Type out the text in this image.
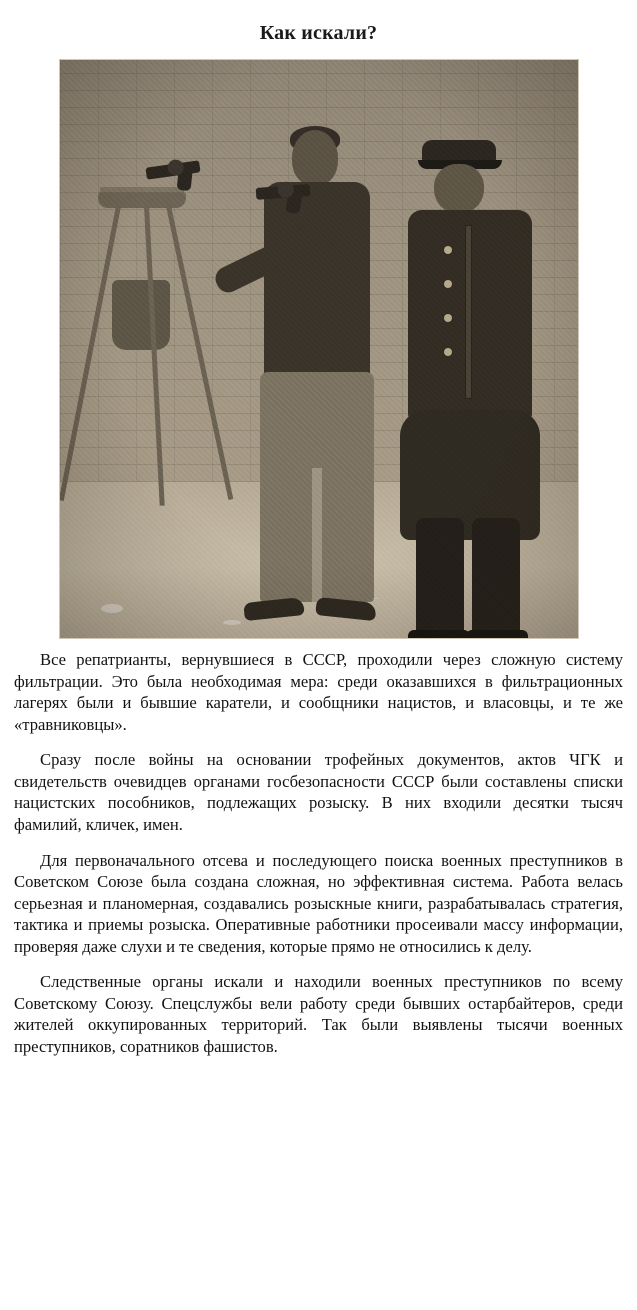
Как искали?

Все репатрианты, вернувшиеся в СССР, проходили через сложную систему фильтрации. Это была необходимая мера: среди оказавшихся в фильтрационных лагерях были и бывшие каратели, и сообщники нацистов, и власовцы, и те же «травниковцы».

Сразу после войны на основании трофейных документов, актов ЧГК и свидетельств очевидцев органами госбезопасности СССР были составлены списки нацистских пособников, подлежащих розыску. В них входили десятки тысяч фамилий, кличек, имен.

Для первоначального отсева и последующего поиска военных преступников в Советском Союзе была создана сложная, но эффективная система. Работа велась серьезная и планомерная, создавались розыскные книги, разрабатывалась стратегия, тактика и приемы розыска. Оперативные работники просеивали массу информации, проверяя даже слухи и те сведения, которые прямо не относились к делу.

Следственные органы искали и находили военных преступников по всему Советскому Союзу. Спецслужбы вели работу среди бывших остарбайтеров, среди жителей оккупированных территорий. Так были выявлены тысячи военных преступников, соратников фашистов.
